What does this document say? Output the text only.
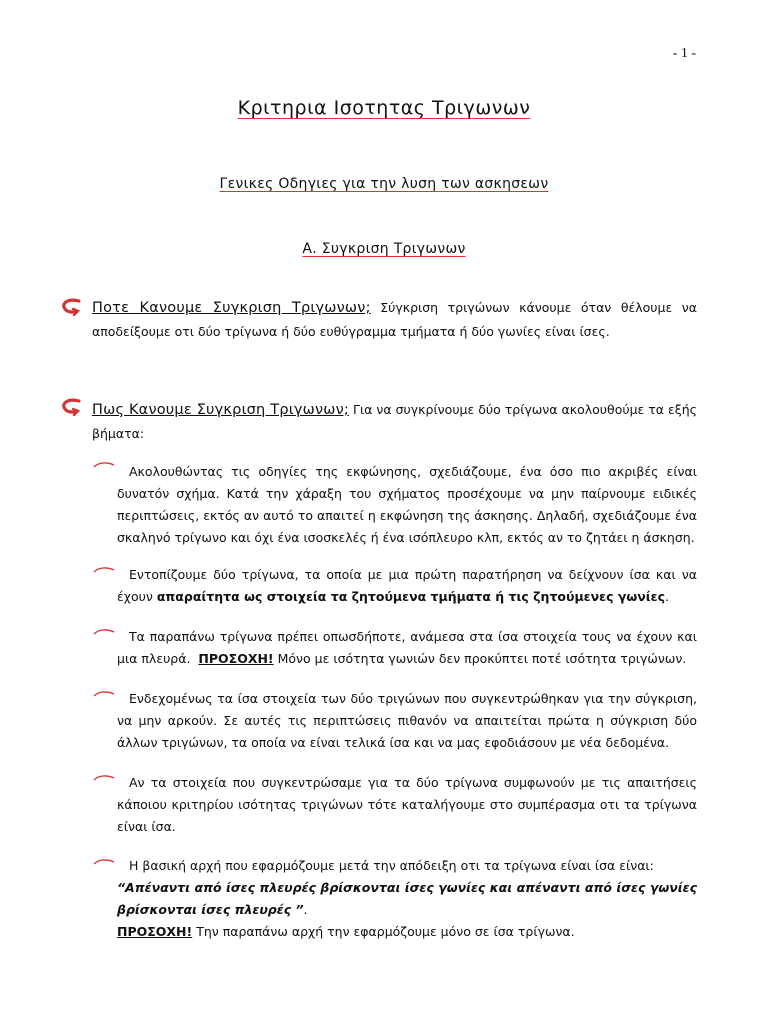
- 1 -
Κριτηρια Ισοτητας Τριγωνων
Γενικες Οδηγιες για την λυση των ασκησεων
Α. Συγκριση Τριγωνων
Ποτε Κανουμε Συγκριση Τριγωνων; Σύγκριση τριγώνων κάνουμε όταν θέλουμε να αποδείξουμε οτι δύο τρίγωνα ή δύο ευθύγραμμα τμήματα ή δύο γωνίες είναι ίσες.
Πως Κανουμε Συγκριση Τριγωνων; Για να συγκρίνουμε δύο τρίγωνα ακολουθούμε τα εξής βήματα:
Ακολουθώντας τις οδηγίες της εκφώνησης, σχεδιάζουμε, ένα όσο πιο ακριβές είναι δυνατόν σχήμα. Κατά την χάραξη του σχήματος προσέχουμε να μην παίρνουμε ειδικές περιπτώσεις, εκτός αν αυτό το απαιτεί η εκφώνηση της άσκησης. Δηλαδή, σχεδιάζουμε ένα σκαληνό τρίγωνο και όχι ένα ισοσκελές ή ένα ισόπλευρο κλπ, εκτός αν το ζητάει η άσκηση.
Εντοπίζουμε δύο τρίγωνα, τα οποία με μια πρώτη παρατήρηση να δείχνουν ίσα και να έχουν απαραίτητα ως στοιχεία τα ζητούμενα τμήματα ή τις ζητούμενες γωνίες.
Τα παραπάνω τρίγωνα πρέπει οπωσδήποτε, ανάμεσα στα ίσα στοιχεία τους να έχουν και μια πλευρά. ΠΡΟΣΟΧΗ! Μόνο με ισότητα γωνιών δεν προκύπτει ποτέ ισότητα τριγώνων.
Ενδεχομένως τα ίσα στοιχεία των δύο τριγώνων που συγκεντρώθηκαν για την σύγκριση, να μην αρκούν. Σε αυτές τις περιπτώσεις πιθανόν να απαιτείται πρώτα η σύγκριση δύο άλλων τριγώνων, τα οποία να είναι τελικά ίσα και να μας εφοδιάσουν με νέα δεδομένα.
Αν τα στοιχεία που συγκεντρώσαμε για τα δύο τρίγωνα συμφωνούν με τις απαιτήσεις κάποιου κριτηρίου ισότητας τριγώνων τότε καταλήγουμε στο συμπέρασμα οτι τα τρίγωνα είναι ίσα.
Η βασική αρχή που εφαρμόζουμε μετά την απόδειξη οτι τα τρίγωνα είναι ίσα είναι:
“Απέναντι από ίσες πλευρές βρίσκονται ίσες γωνίες και απέναντι από ίσες γωνίες βρίσκονται ίσες πλευρές ”.
ΠΡΟΣΟΧΗ! Την παραπάνω αρχή την εφαρμόζουμε μόνο σε ίσα τρίγωνα.
